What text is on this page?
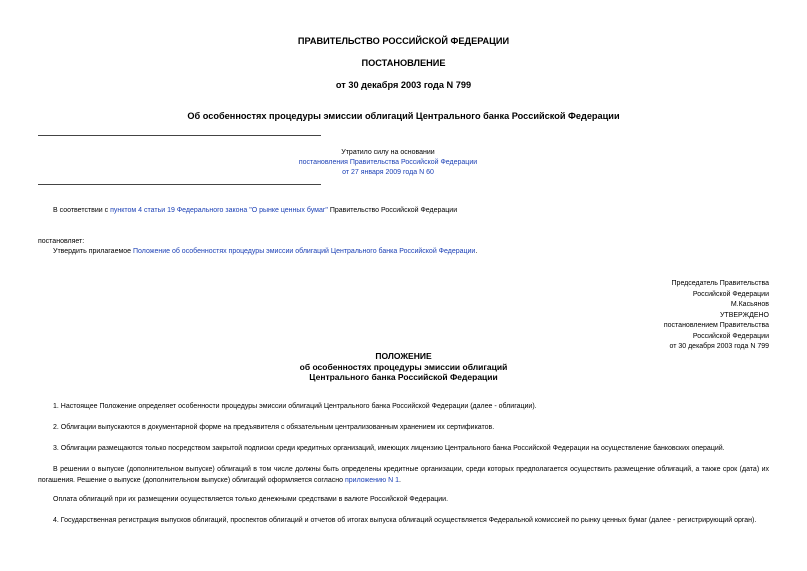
ПРАВИТЕЛЬСТВО РОССИЙСКОЙ ФЕДЕРАЦИИ
ПОСТАНОВЛЕНИЕ
от 30 декабря 2003 года N 799
Об особенностях процедуры эмиссии облигаций Центрального банка Российской Федерации
Утратило силу на основании
постановления Правительства Российской Федерации
от 27 января 2009 года N 60
В соответствии с пунктом 4 статьи 19 Федерального закона "О рынке ценных бумаг" Правительство Российской Федерации
постановляет:
Утвердить прилагаемое Положение об особенностях процедуры эмиссии облигаций Центрального банка Российской Федерации.
Председатель Правительства
Российской Федерации
М.Касьянов
УТВЕРЖДЕНО
постановлением Правительства
Российской Федерации
от 30 декабря 2003 года N 799
ПОЛОЖЕНИЕ
об особенностях процедуры эмиссии облигаций
Центрального банка Российской Федерации
1. Настоящее Положение определяет особенности процедуры эмиссии облигаций Центрального банка Российской Федерации (далее - облигации).
2. Облигации выпускаются в документарной форме на предъявителя с обязательным централизованным хранением их сертификатов.
3. Облигации размещаются только посредством закрытой подписки среди кредитных организаций, имеющих лицензию Центрального банка Российской Федерации на осуществление банковских операций.
В решении о выпуске (дополнительном выпуске) облигаций в том числе должны быть определены кредитные организации, среди которых предполагается осуществить размещение облигаций, а также срок (дата) их погашения. Решение о выпуске (дополнительном выпуске) облигаций оформляется согласно приложению N 1.
Оплата облигаций при их размещении осуществляется только денежными средствами в валюте Российской Федерации.
4. Государственная регистрация выпусков облигаций, проспектов облигаций и отчетов об итогах выпуска облигаций осуществляется Федеральной комиссией по рынку ценных бумаг (далее - регистрирующий орган).
